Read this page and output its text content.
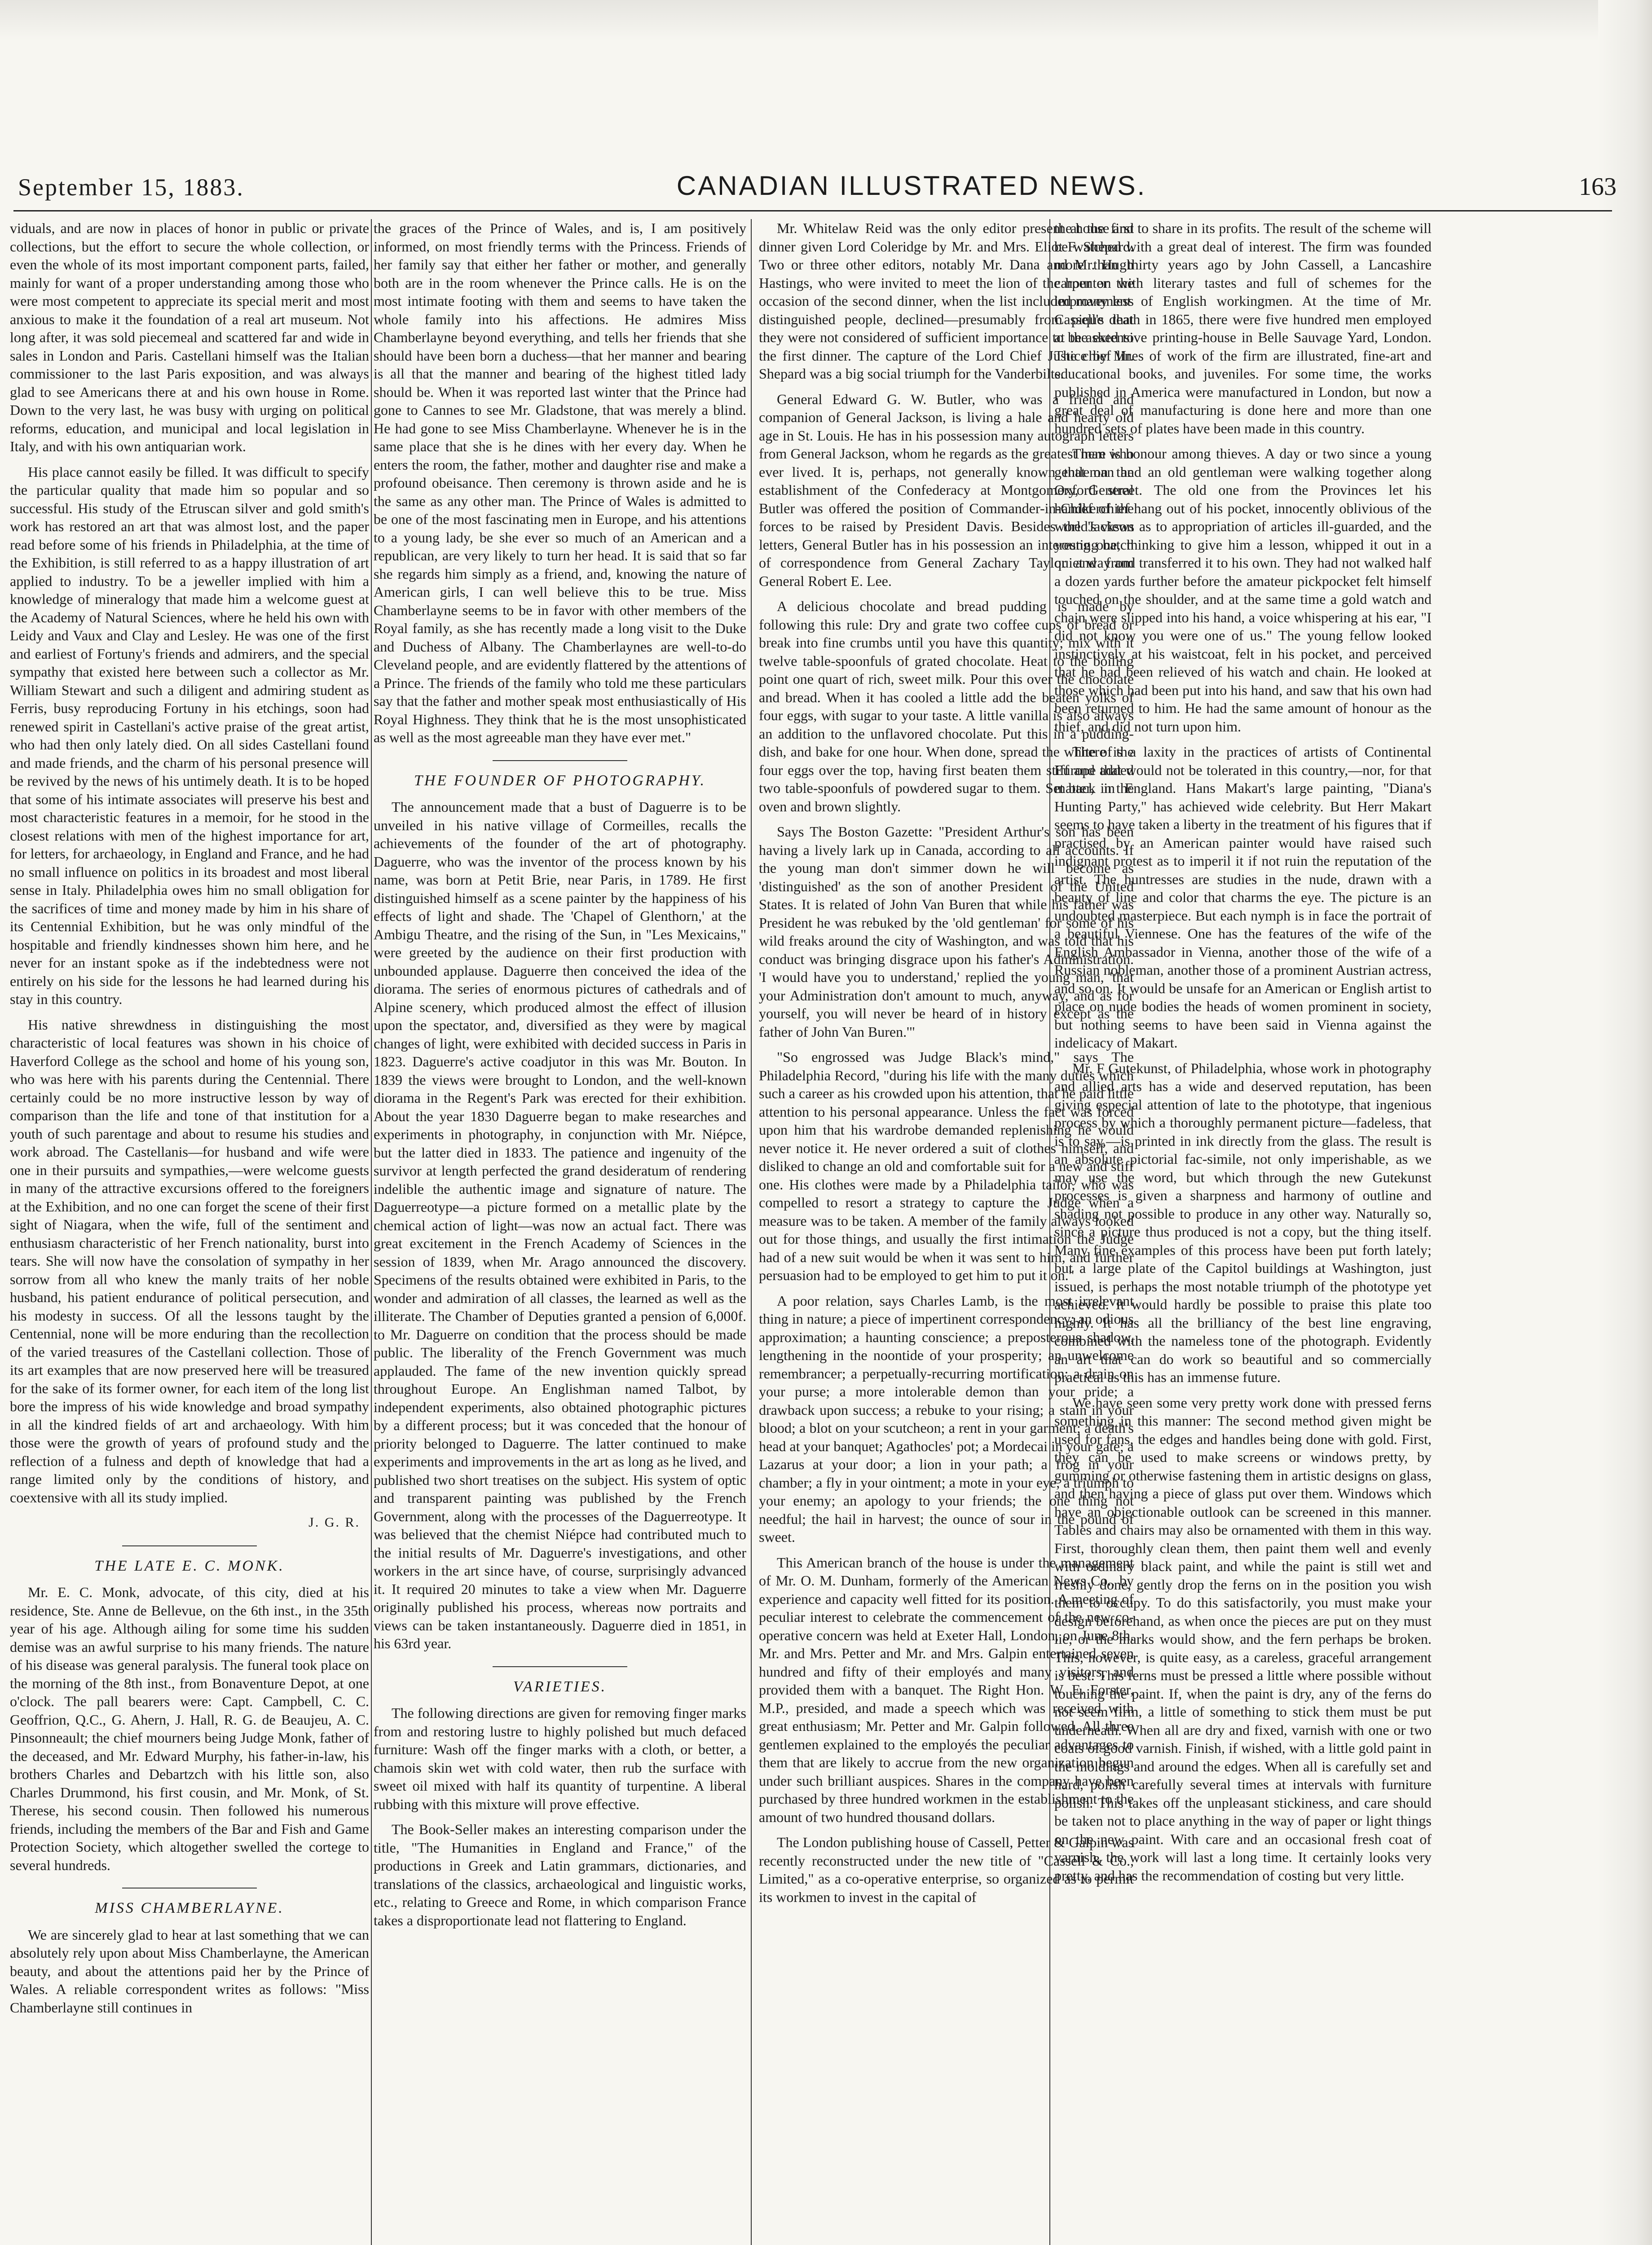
September 15, 1883.	CANADIAN ILLUSTRATED NEWS.	163

viduals, and are now in places of honor in public or private collections, but the effort to secure the whole collection, or even the whole of its most important component parts, failed, mainly for want of a proper understanding among those who were most competent to appreciate its special merit and most anxious to make it the foundation of a real art museum. Not long after, it was sold piecemeal and scattered far and wide in sales in London and Paris. Castellani himself was the Italian commissioner to the last Paris exposition, and was always glad to see Americans there at and his own house in Rome. Down to the very last, he was busy with urging on political reforms, education, and municipal and local legislation in Italy, and with his own antiquarian work.

His place cannot easily be filled. It was difficult to specify the particular quality that made him so popular and so successful. His study of the Etruscan silver and gold smith's work has restored an art that was almost lost, and the paper read before some of his friends in Philadelphia, at the time of the Exhibition, is still referred to as a happy illustration of art applied to industry. To be a jeweller implied with him a knowledge of mineralogy that made him a welcome guest at the Academy of Natural Sciences, where he held his own with Leidy and Vaux and Clay and Lesley. He was one of the first and earliest of Fortuny's friends and admirers, and the special sympathy that existed here between such a collector as Mr. William Stewart and such a diligent and admiring student as Ferris, busy reproducing Fortuny in his etchings, soon had renewed spirit in Castellani's active praise of the great artist, who had then only lately died. On all sides Castellani found and made friends, and the charm of his personal presence will be revived by the news of his untimely death. It is to be hoped that some of his intimate associates will preserve his best and most characteristic features in a memoir, for he stood in the closest relations with men of the highest importance for art, for letters, for archaeology, in England and France, and he had no small influence on politics in its broadest and most liberal sense in Italy. Philadelphia owes him no small obligation for the sacrifices of time and money made by him in his share of its Centennial Exhibition, but he was only mindful of the hospitable and friendly kindnesses shown him here, and he never for an instant spoke as if the indebtedness were not entirely on his side for the lessons he had learned during his stay in this country.

His native shrewdness in distinguishing the most characteristic of local features was shown in his choice of Haverford College as the school and home of his young son, who was here with his parents during the Centennial. There certainly could be no more instructive lesson by way of comparison than the life and tone of that institution for a youth of such parentage and about to resume his studies and work abroad. The Castellanis—for husband and wife were one in their pursuits and sympathies,—were welcome guests in many of the attractive excursions offered to the foreigners at the Exhibition, and no one can forget the scene of their first sight of Niagara, when the wife, full of the sentiment and enthusiasm characteristic of her French nationality, burst into tears. She will now have the consolation of sympathy in her sorrow from all who knew the manly traits of her noble husband, his patient endurance of political persecution, and his modesty in success. Of all the lessons taught by the Centennial, none will be more enduring than the recollection of the varied treasures of the Castellani collection. Those of its art examples that are now preserved here will be treasured for the sake of its former owner, for each item of the long list bore the impress of his wide knowledge and broad sympathy in all the kindred fields of art and archaeology. With him those were the growth of years of profound study and the reflection of a fulness and depth of knowledge that had a range limited only by the conditions of history, and coextensive with all its study implied.

J. G. R.
THE LATE E. C. MONK.

Mr. E. C. Monk, advocate, of this city, died at his residence, Ste. Anne de Bellevue, on the 6th inst., in the 35th year of his age. Although ailing for some time his sudden demise was an awful surprise to his many friends. The nature of his disease was general paralysis. The funeral took place on the morning of the 8th inst., from Bonaventure Depot, at one o'clock. The pall bearers were: Capt. Campbell, C. C. Geoffrion, Q.C., G. Ahern, J. Hall, R. G. de Beaujeu, A. C. Pinsonneault; the chief mourners being Judge Monk, father of the deceased, and Mr. Edward Murphy, his father-in-law, his brothers Charles and Debartzch with his little son, also Charles Drummond, his first cousin, and Mr. Monk, of St. Therese, his second cousin. Then followed his numerous friends, including the members of the Bar and Fish and Game Protection Society, which altogether swelled the cortege to several hundreds.

MISS CHAMBERLAYNE.

We are sincerely glad to hear at last something that we can absolutely rely upon about Miss Chamberlayne, the American beauty, and about the attentions paid her by the Prince of Wales. A reliable correspondent writes as follows: "Miss Chamberlayne still continues in

the graces of the Prince of Wales, and is, I am positively informed, on most friendly terms with the Princess. Friends of her family say that either her father or mother, and generally both are in the room whenever the Prince calls. He is on the most intimate footing with them and seems to have taken the whole family into his affections. He admires Miss Chamberlayne beyond everything, and tells her friends that she should have been born a duchess—that her manner and bearing is all that the manner and bearing of the highest titled lady should be. When it was reported last winter that the Prince had gone to Cannes to see Mr. Gladstone, that was merely a blind. He had gone to see Miss Chamberlayne. Whenever he is in the same place that she is he dines with her every day. When he enters the room, the father, mother and daughter rise and make a profound obeisance. Then ceremony is thrown aside and he is the same as any other man. The Prince of Wales is admitted to be one of the most fascinating men in Europe, and his attentions to a young lady, be she ever so much of an American and a republican, are very likely to turn her head. It is said that so far she regards him simply as a friend, and, knowing the nature of American girls, I can well believe this to be true. Miss Chamberlayne seems to be in favor with other members of the Royal family, as she has recently made a long visit to the Duke and Duchess of Albany. The Chamberlaynes are well-to-do Cleveland people, and are evidently flattered by the attentions of a Prince. The friends of the family who told me these particulars say that the father and mother speak most enthusiastically of His Royal Highness. They think that he is the most unsophisticated as well as the most agreeable man they have ever met."

THE FOUNDER OF PHOTOGRAPHY.

The announcement made that a bust of Daguerre is to be unveiled in his native village of Cormeilles, recalls the achievements of the founder of the art of photography. Daguerre, who was the inventor of the process known by his name, was born at Petit Brie, near Paris, in 1789. He first distinguished himself as a scene painter by the happiness of his effects of light and shade. The 'Chapel of Glenthorn,' at the Ambigu Theatre, and the rising of the Sun, in "Les Mexicains," were greeted by the audience on their first production with unbounded applause. Daguerre then conceived the idea of the diorama. The series of enormous pictures of cathedrals and of Alpine scenery, which produced almost the effect of illusion upon the spectator, and, diversified as they were by magical changes of light, were exhibited with decided success in Paris in 1823. Daguerre's active coadjutor in this was Mr. Bouton. In 1839 the views were brought to London, and the well-known diorama in the Regent's Park was erected for their exhibition. About the year 1830 Daguerre began to make researches and experiments in photography, in conjunction with Mr. Niépce, but the latter died in 1833. The patience and ingenuity of the survivor at length perfected the grand desideratum of rendering indelible the authentic image and signature of nature. The Daguerreotype—a picture formed on a metallic plate by the chemical action of light—was now an actual fact. There was great excitement in the French Academy of Sciences in the session of 1839, when Mr. Arago announced the discovery. Specimens of the results obtained were exhibited in Paris, to the wonder and admiration of all classes, the learned as well as the illiterate. The Chamber of Deputies granted a pension of 6,000f. to Mr. Daguerre on condition that the process should be made public. The liberality of the French Government was much applauded. The fame of the new invention quickly spread throughout Europe. An Englishman named Talbot, by independent experiments, also obtained photographic pictures by a different process; but it was conceded that the honour of priority belonged to Daguerre. The latter continued to make experiments and improvements in the art as long as he lived, and published two short treatises on the subject. His system of optic and transparent painting was published by the French Government, along with the processes of the Daguerreotype. It was believed that the chemist Niépce had contributed much to the initial results of Mr. Daguerre's investigations, and other workers in the art since have, of course, surprisingly advanced it. It required 20 minutes to take a view when Mr. Daguerre originally published his process, whereas now portraits and views can be taken instantaneously. Daguerre died in 1851, in his 63rd year.

VARIETIES.

The following directions are given for removing finger marks from and restoring lustre to highly polished but much defaced furniture: Wash off the finger marks with a cloth, or better, a chamois skin wet with cold water, then rub the surface with sweet oil mixed with half its quantity of turpentine. A liberal rubbing with this mixture will prove effective.

The Book-Seller makes an interesting comparison under the title, "The Humanities in England and France," of the productions in Greek and Latin grammars, dictionaries, and translations of the classics, archaeological and linguistic works, etc., relating to Greece and Rome, in which comparison France takes a disproportionate lead not flattering to England.

Mr. Whitelaw Reid was the only editor present at the first dinner given Lord Coleridge by Mr. and Mrs. Eliot F. Shepard. Two or three other editors, notably Mr. Dana and Mr. Hugh Hastings, who were invited to meet the lion of the hour on the occasion of the second dinner, when the list included many less distinguished people, declined—presumably from pique that they were not considered of sufficient importance to be asked to the first dinner. The capture of the Lord Chief Justice by Mr. Shepard was a big social triumph for the Vanderbilts.

General Edward G. W. Butler, who was a friend and companion of General Jackson, is living a hale and hearty old age in St. Louis. He has in his possession many autograph letters from General Jackson, whom he regards as the greatest man who ever lived. It is, perhaps, not generally known that on the establishment of the Confederacy at Montgomery, General Butler was offered the position of Commander-in-Chief of the forces to be raised by President Davis. Besides the Jackson letters, General Butler has in his possession an interesting batch of correspondence from General Zachary Taylor and from General Robert E. Lee.

A delicious chocolate and bread pudding is made by following this rule: Dry and grate two coffee cups of bread or break into fine crumbs until you have this quantity; mix with it twelve table-spoonfuls of grated chocolate. Heat to the boiling point one quart of rich, sweet milk. Pour this over the chocolate and bread. When it has cooled a little add the beaten yolks of four eggs, with sugar to your taste. A little vanilla is also always an addition to the unflavored chocolate. Put this in a pudding-dish, and bake for one hour. When done, spread the white of the four eggs over the top, having first beaten them stiff and added two table-spoonfuls of powdered sugar to them. Set back in the oven and brown slightly.

Says The Boston Gazette: "President Arthur's son has been having a lively lark up in Canada, according to all accounts. If the young man don't simmer down he will become as 'distinguished' as the son of another President of the United States. It is related of John Van Buren that while his father was President he was rebuked by the 'old gentleman' for some of his wild freaks around the city of Washington, and was told that his conduct was bringing disgrace upon his father's Administration. 'I would have you to understand,' replied the young man, 'that your Administration don't amount to much, anyway, and as for yourself, you will never be heard of in history except as the father of John Van Buren.'"

"So engrossed was Judge Black's mind," says The Philadelphia Record, "during his life with the many duties which such a career as his crowded upon his attention, that he paid little attention to his personal appearance. Unless the fact was forced upon him that his wardrobe demanded replenishing he would never notice it. He never ordered a suit of clothes himself, and disliked to change an old and comfortable suit for a new and stiff one. His clothes were made by a Philadelphia tailor, who was compelled to resort a strategy to capture the Judge when a measure was to be taken. A member of the family always looked out for those things, and usually the first intimation the Judge had of a new suit would be when it was sent to him, and further persuasion had to be employed to get him to put it on."

A poor relation, says Charles Lamb, is the most irrelevant thing in nature; a piece of impertinent correspondency; an odious approximation; a haunting conscience; a preposterous shadow, lengthening in the noontide of your prosperity; an unwelcome remembrancer; a perpetually-recurring mortification; a drain on your purse; a more intolerable demon than your pride; a drawback upon success; a rebuke to your rising; a stain in your blood; a blot on your scutcheon; a rent in your garment; a death's head at your banquet; Agathocles' pot; a Mordecai in your gate; a Lazarus at your door; a lion in your path; a frog in your chamber; a fly in your ointment; a mote in your eye, a triumph to your enemy; an apology to your friends; the one thing not needful; the hail in harvest; the ounce of sour in the pound of sweet.

This American branch of the house is under the management of Mr. O. M. Dunham, formerly of the American News Co., by experience and capacity well fitted for its position. A meeting of peculiar interest to celebrate the commencement of the new co-operative concern was held at Exeter Hall, London, on June 8th. Mr. and Mrs. Petter and Mr. and Mrs. Galpin entertained seven hundred and fifty of their employés and many visitors, and provided them with a banquet. The Right Hon. W. E. Forster, M.P., presided, and made a speech which was received with great enthusiasm; Mr. Petter and Mr. Galpin followed. All three gentlemen explained to the employés the peculiar advantages to them that are likely to accrue from the new organization begun under such brilliant auspices. Shares in the company have been purchased by three hundred workmen in the establishment to the amount of two hundred thousand dollars.

The London publishing house of Cassell, Petter & Galpin was recently reconstructed under the new title of "Cassell & Co., Limited," as a co-operative enterprise, so organized as to permit its workmen to invest in the capital of

the house and to share in its profits. The result of the scheme will be watched with a great deal of interest. The firm was founded more than thirty years ago by John Cassell, a Lancashire carpenter with literary tastes and full of schemes for the improvement of English workingmen. At the time of Mr. Cassell's death in 1865, there were five hundred men employed at the extensive printing-house in Belle Sauvage Yard, London. The chief lines of work of the firm are illustrated, fine-art and educational books, and juveniles. For some time, the works published in America were manufactured in London, but now a great deal of manufacturing is done here and more than one hundred sets of plates have been made in this country.

There is honour among thieves. A day or two since a young gentleman and an old gentleman were walking together along Oxford street. The old one from the Provinces let his handkerchief hang out of his pocket, innocently oblivious of the world's views as to appropriation of articles ill-guarded, and the young one, thinking to give him a lesson, whipped it out in a quiet way and transferred it to his own. They had not walked half a dozen yards further before the amateur pickpocket felt himself touched on the shoulder, and at the same time a gold watch and chain were slipped into his hand, a voice whispering at his ear, "I did not know you were one of us." The young fellow looked instinctively at his waistcoat, felt in his pocket, and perceived that he had been relieved of his watch and chain. He looked at those which had been put into his hand, and saw that his own had been returned to him. He had the same amount of honour as the thief, and did not turn upon him.

There is a laxity in the practices of artists of Continental Europe that would not be tolerated in this country,—nor, for that matter, in England. Hans Makart's large painting, "Diana's Hunting Party," has achieved wide celebrity. But Herr Makart seems to have taken a liberty in the treatment of his figures that if practised by an American painter would have raised such indignant protest as to imperil it if not ruin the reputation of the artist. The huntresses are studies in the nude, drawn with a beauty of line and color that charms the eye. The picture is an undoubted masterpiece. But each nymph is in face the portrait of a beautiful Viennese. One has the features of the wife of the English Ambassador in Vienna, another those of the wife of a Russian nobleman, another those of a prominent Austrian actress, and so on. It would be unsafe for an American or English artist to place on nude bodies the heads of women prominent in society, but nothing seems to have been said in Vienna against the indelicacy of Makart.

Mr. F Gutekunst, of Philadelphia, whose work in photography and allied arts has a wide and deserved reputation, has been giving especial attention of late to the phototype, that ingenious process by which a thoroughly permanent picture—fadeless, that is to say,—is printed in ink directly from the glass. The result is an absolute pictorial fac-simile, not only imperishable, as we may use the word, but which through the new Gutekunst processes is given a sharpness and harmony of outline and shading not possible to produce in any other way. Naturally so, since a picture thus produced is not a copy, but the thing itself. Many fine examples of this process have been put forth lately; but a large plate of the Capitol buildings at Washington, just issued, is perhaps the most notable triumph of the phototype yet achieved. It would hardly be possible to praise this plate too highly. It has all the brilliancy of the best line engraving, combined with the nameless tone of the photograph. Evidently an art that can do work so beautiful and so commercially practical as this has an immense future.

We have seen some very pretty work done with pressed ferns something in this manner: The second method given might be used for fans, the edges and handles being done with gold. First, they can be used to make screens or windows pretty, by gumming or otherwise fastening them in artistic designs on glass, and then having a piece of glass put over them. Windows which have an objectionable outlook can be screened in this manner. Tables and chairs may also be ornamented with them in this way. First, thoroughly clean them, then paint them well and evenly with ordinary black paint, and while the paint is still wet and freshly done, gently drop the ferns on in the position you wish them to occupy. To do this satisfactorily, you must make your design beforehand, as when once the pieces are put on they must lie, or the marks would show, and the fern perhaps be broken. This, however, is quite easy, as a careless, graceful arrangement is best. This ferns must be pressed a little where possible without touching the paint. If, when the paint is dry, any of the ferns do not seem firm, a little of something to stick them must be put underneath. When all are dry and fixed, varnish with one or two coats of good varnish. Finish, if wished, with a little gold paint in the moldings and around the edges. When all is carefully set and hard, polish carefully several times at intervals with furniture polish. This takes off the unpleasant stickiness, and care should be taken not to place anything in the way of paper or light things on the new paint. With care and an occasional fresh coat of varnish, the work will last a long time. It certainly looks very pretty, and has the recommendation of costing but very little.
